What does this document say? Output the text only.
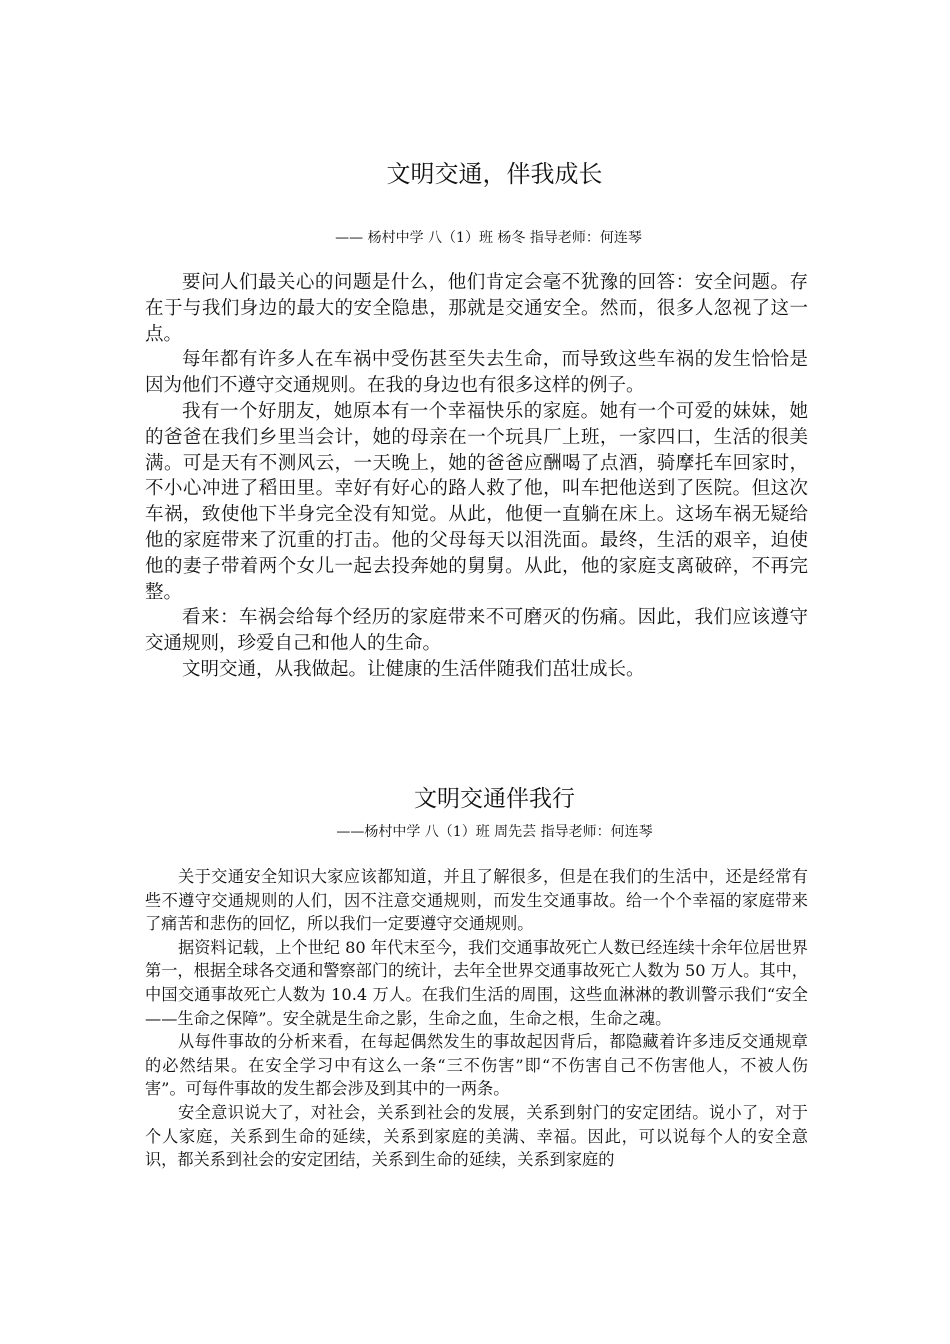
文明交通，伴我成长
—— 杨村中学 八（1）班 杨冬 指导老师：何连琴

要问人们最关心的问题是什么，他们肯定会毫不犹豫的回答：安全问题。存在于与我们身边的最大的安全隐患，那就是交通安全。然而，很多人忽视了这一点。

每年都有许多人在车祸中受伤甚至失去生命，而导致这些车祸的发生恰恰是因为他们不遵守交通规则。在我的身边也有很多这样的例子。

我有一个好朋友，她原本有一个幸福快乐的家庭。她有一个可爱的妹妹，她的爸爸在我们乡里当会计，她的母亲在一个玩具厂上班，一家四口，生活的很美满。可是天有不测风云，一天晚上，她的爸爸应酬喝了点酒，骑摩托车回家时，不小心冲进了稻田里。幸好有好心的路人救了他，叫车把他送到了医院。但这次车祸，致使他下半身完全没有知觉。从此，他便一直躺在床上。这场车祸无疑给他的家庭带来了沉重的打击。他的父母每天以泪洗面。最终，生活的艰辛，迫使他的妻子带着两个女儿一起去投奔她的舅舅。从此，他的家庭支离破碎，不再完整。

看来：车祸会给每个经历的家庭带来不可磨灭的伤痛。因此，我们应该遵守交通规则，珍爱自己和他人的生命。

文明交通，从我做起。让健康的生活伴随我们茁壮成长。

文明交通伴我行
——杨村中学 八（1）班 周先芸 指导老师：何连琴

关于交通安全知识大家应该都知道，并且了解很多，但是在我们的生活中，还是经常有些不遵守交通规则的人们，因不注意交通规则，而发生交通事故。给一个个幸福的家庭带来了痛苦和悲伤的回忆，所以我们一定要遵守交通规则。

据资料记载，上个世纪 80 年代末至今，我们交通事故死亡人数已经连续十余年位居世界第一，根据全球各交通和警察部门的统计，去年全世界交通事故死亡人数为 50 万人。其中，中国交通事故死亡人数为 10.4 万人。在我们生活的周围，这些血淋淋的教训警示我们“安全——生命之保障”。安全就是生命之影，生命之血，生命之根，生命之魂。

从每件事故的分析来看，在每起偶然发生的事故起因背后，都隐藏着许多违反交通规章的必然结果。在安全学习中有这么一条“三不伤害”即“不伤害自己不伤害他人，不被人伤害”。可每件事故的发生都会涉及到其中的一两条。

安全意识说大了，对社会，关系到社会的发展，关系到射门的安定团结。说小了，对于个人家庭，关系到生命的延续，关系到家庭的美满、幸福。因此，可以说每个人的安全意识，都关系到社会的安定团结，关系到生命的延续，关系到家庭的
